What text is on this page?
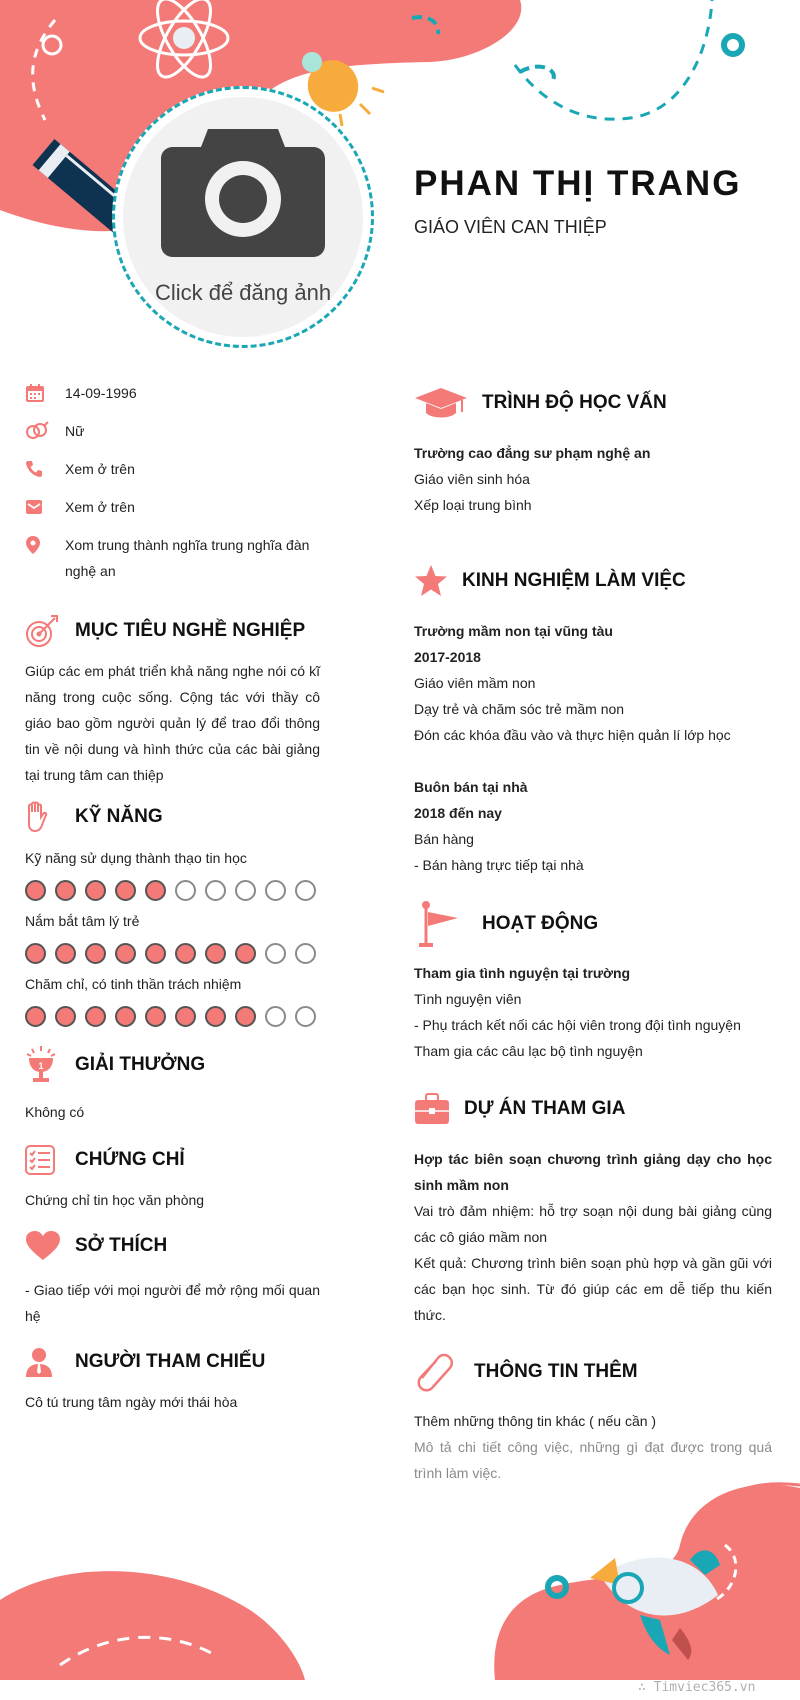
PHAN THỊ TRANG
GIÁO VIÊN CAN THIỆP
Click để đăng ảnh
14-09-1996
Nữ
Xem ở trên
Xem ở trên
Xom trung thành nghĩa trung nghĩa đàn nghệ an
MỤC TIÊU NGHỀ NGHIỆP
Giúp các em phát triển khả năng nghe nói có kĩ năng trong cuộc sống. Cộng tác với thầy cô giáo bao gồm người quản lý để trao đổi thông tin về nội dung và hình thức của các bài giảng tại trung tâm can thiệp
KỸ NĂNG
Kỹ năng sử dụng thành thạo tin học
Nắm bắt tâm lý trẻ
Chăm chỉ, có tinh thần trách nhiệm
1 GIẢI THƯỞNG
Không có
CHỨNG CHỈ
Chứng chỉ tin học văn phòng
SỞ THÍCH
- Giao tiếp với mọi người để mở rộng mối quan hệ
NGƯỜI THAM CHIẾU
Cô tú trung tâm ngày mới thái hòa
TRÌNH ĐỘ HỌC VẤN
Trường cao đẳng sư phạm nghệ an
Giáo viên sinh hóa
Xếp loại trung bình
KINH NGHIỆM LÀM VIỆC
Trường mầm non tại vũng tàu
2017-2018
Giáo viên mầm non
Dạy trẻ và chăm sóc trẻ mầm non
Đón các khóa đầu vào và thực hiện quản lí lớp học
Buôn bán tại nhà
2018 đến nay
Bán hàng
- Bán hàng trực tiếp tại nhà
HOẠT ĐỘNG
Tham gia tình nguyện tại trường
Tình nguyện viên
- Phụ trách kết nối các hội viên trong đội tình nguyện
Tham gia các câu lạc bộ tình nguyện
DỰ ÁN THAM GIA
Hợp tác biên soạn chương trình giảng dạy cho học sinh mầm non
Vai trò đảm nhiệm: hỗ trợ soạn nội dung bài giảng cùng các cô giáo mầm non
Kết quả: Chương trình biên soạn phù hợp và gần gũi với các bạn học sinh. Từ đó giúp các em dễ tiếp thu kiến thức.
THÔNG TIN THÊM
Thêm những thông tin khác ( nếu cần )
Mô tả chi tiết công việc, những gì đạt được trong quá trình làm việc.
∴ Timviec365.vn
